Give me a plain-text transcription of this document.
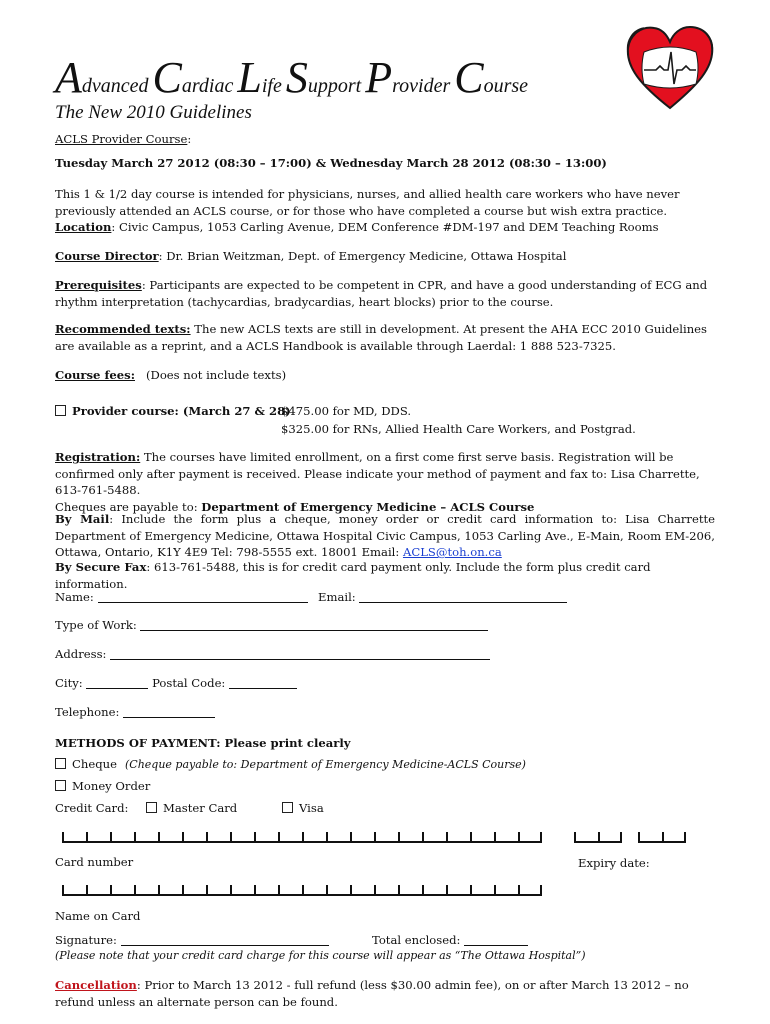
Advanced Cardiac Life Support Provider Course
The New 2010 Guidelines
ACLS Provider Course:
Tuesday March 27 2012 (08:30 – 17:00) & Wednesday March 28 2012 (08:30 – 13:00)
This 1 & 1/2 day course is intended for physicians, nurses, and allied health care workers who have never previously attended an ACLS course, or for those who have completed a course but wish extra practice.
Location: Civic Campus, 1053 Carling Avenue, DEM Conference #DM-197 and DEM Teaching Rooms
Course Director: Dr. Brian Weitzman, Dept. of Emergency Medicine, Ottawa Hospital
Prerequisites: Participants are expected to be competent in CPR, and have a good understanding of ECG and rhythm interpretation (tachycardias, bradycardias, heart blocks) prior to the course.
Recommended texts: The new ACLS texts are still in development. At present the AHA ECC 2010 Guidelines are available as a reprint, and a ACLS Handbook is available through Laerdal: 1 888 523-7325.
Course fees: (Does not include texts)
Provider course: (March 27 & 28)
$475.00 for MD, DDS.
$325.00 for RNs, Allied Health Care Workers, and Postgrad.
Registration: The courses have limited enrollment, on a first come first serve basis. Registration will be confirmed only after payment is received. Please indicate your method of payment and fax to: Lisa Charrette, 613-761-5488.
Cheques are payable to: Department of Emergency Medicine – ACLS Course
By Mail: Include the form plus a cheque, money order or credit card information to: Lisa Charrette Department of Emergency Medicine, Ottawa Hospital Civic Campus, 1053 Carling Ave., E-Main, Room EM-206, Ottawa, Ontario, K1Y 4E9 Tel: 798-5555 ext. 18001 Email: ACLS@toh.on.ca
By Secure Fax: 613-761-5488, this is for credit card payment only. Include the form plus credit card information.
Name:	Email:
Type of Work:
Address:
City:	Postal Code:
Telephone:
METHODS OF PAYMENT: Please print clearly
Cheque (Cheque payable to: Department of Emergency Medicine-ACLS Course)
Money Order
Credit Card:	Master Card	Visa
Card number	Expiry date:
Name on Card
Signature:	Total enclosed:
(Please note that your credit card charge for this course will appear as “The Ottawa Hospital”)
Cancellation: Prior to March 13 2012 - full refund (less $30.00 admin fee), on or after March 13 2012 – no refund unless an alternate person can be found.
